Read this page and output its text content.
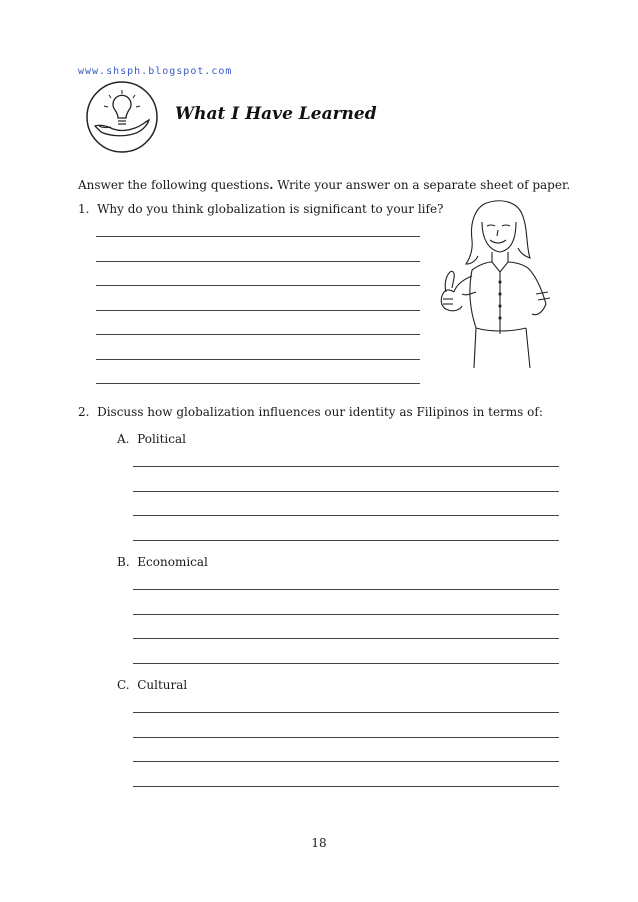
www.shsph.blogspot.com
What I Have Learned
Answer the following questions. Write your answer on a separate sheet of paper.
1. Why do you think globalization is significant to your life?
2. Discuss how globalization influences our identity as Filipinos in terms of:
A. Political
B. Economical
C. Cultural
18
